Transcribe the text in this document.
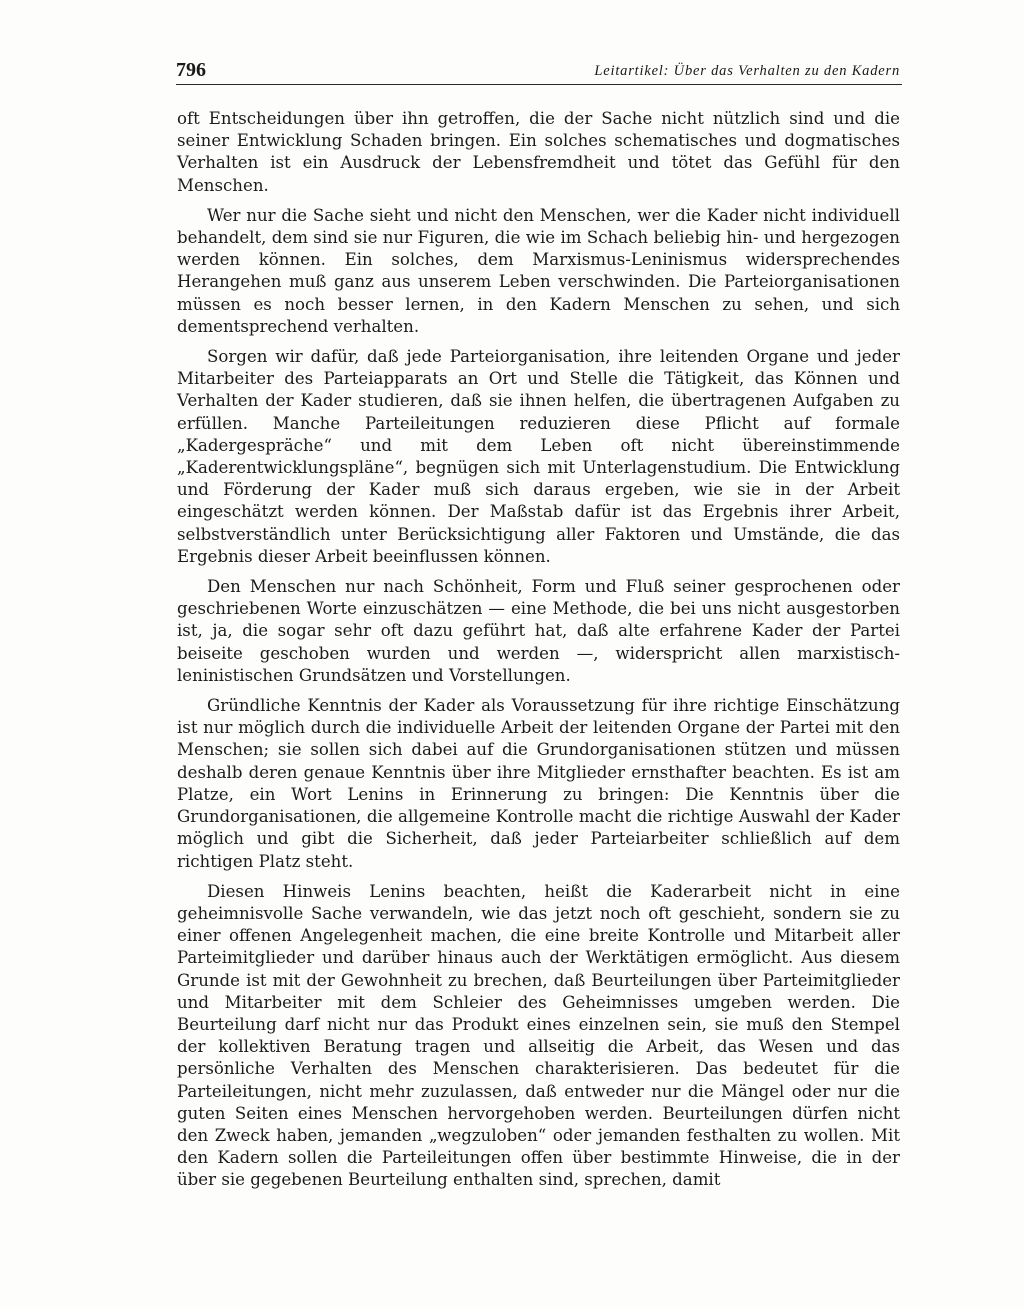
796	Leitartikel: Über das Verhalten zu den Kadern

oft Entscheidungen über ihn getroffen, die der Sache nicht nützlich sind und die seiner Entwicklung Schaden bringen. Ein solches schematisches und dogmatisches Verhalten ist ein Ausdruck der Lebensfremdheit und tötet das Gefühl für den Menschen.

Wer nur die Sache sieht und nicht den Menschen, wer die Kader nicht individuell behandelt, dem sind sie nur Figuren, die wie im Schach beliebig hin- und hergezogen werden können. Ein solches, dem Marxismus-Leninismus widersprechendes Herangehen muß ganz aus unserem Leben verschwinden. Die Parteiorganisationen müssen es noch besser lernen, in den Kadern Menschen zu sehen, und sich dementsprechend verhalten.

Sorgen wir dafür, daß jede Parteiorganisation, ihre leitenden Organe und jeder Mitarbeiter des Parteiapparats an Ort und Stelle die Tätigkeit, das Können und Verhalten der Kader studieren, daß sie ihnen helfen, die übertragenen Aufgaben zu erfüllen. Manche Parteileitungen reduzieren diese Pflicht auf formale „Kadergespräche“ und mit dem Leben oft nicht übereinstimmende „Kaderentwicklungspläne“, begnügen sich mit Unterlagenstudium. Die Entwicklung und Förderung der Kader muß sich daraus ergeben, wie sie in der Arbeit eingeschätzt werden können. Der Maßstab dafür ist das Ergebnis ihrer Arbeit, selbstverständlich unter Berücksichtigung aller Faktoren und Umstände, die das Ergebnis dieser Arbeit beeinflussen können.

Den Menschen nur nach Schönheit, Form und Fluß seiner gesprochenen oder geschriebenen Worte einzuschätzen — eine Methode, die bei uns nicht ausgestorben ist, ja, die sogar sehr oft dazu geführt hat, daß alte erfahrene Kader der Partei beiseite geschoben wurden und werden —, widerspricht allen marxistisch-leninistischen Grundsätzen und Vorstellungen.

Gründliche Kenntnis der Kader als Voraussetzung für ihre richtige Einschätzung ist nur möglich durch die individuelle Arbeit der leitenden Organe der Partei mit den Menschen; sie sollen sich dabei auf die Grundorganisationen stützen und müssen deshalb deren genaue Kenntnis über ihre Mitglieder ernsthafter beachten. Es ist am Platze, ein Wort Lenins in Erinnerung zu bringen: Die Kenntnis über die Grundorganisationen, die allgemeine Kontrolle macht die richtige Auswahl der Kader möglich und gibt die Sicherheit, daß jeder Parteiarbeiter schließlich auf dem richtigen Platz steht.

Diesen Hinweis Lenins beachten, heißt die Kaderarbeit nicht in eine geheimnisvolle Sache verwandeln, wie das jetzt noch oft geschieht, sondern sie zu einer offenen Angelegenheit machen, die eine breite Kontrolle und Mitarbeit aller Parteimitglieder und darüber hinaus auch der Werktätigen ermöglicht. Aus diesem Grunde ist mit der Gewohnheit zu brechen, daß Beurteilungen über Parteimitglieder und Mitarbeiter mit dem Schleier des Geheimnisses umgeben werden. Die Beurteilung darf nicht nur das Produkt eines einzelnen sein, sie muß den Stempel der kollektiven Beratung tragen und allseitig die Arbeit, das Wesen und das persönliche Verhalten des Menschen charakterisieren. Das bedeutet für die Parteileitungen, nicht mehr zuzulassen, daß entweder nur die Mängel oder nur die guten Seiten eines Menschen hervorgehoben werden. Beurteilungen dürfen nicht den Zweck haben, jemanden „wegzuloben“ oder jemanden festhalten zu wollen. Mit den Kadern sollen die Parteileitungen offen über bestimmte Hinweise, die in der über sie gegebenen Beurteilung enthalten sind, sprechen, damit
